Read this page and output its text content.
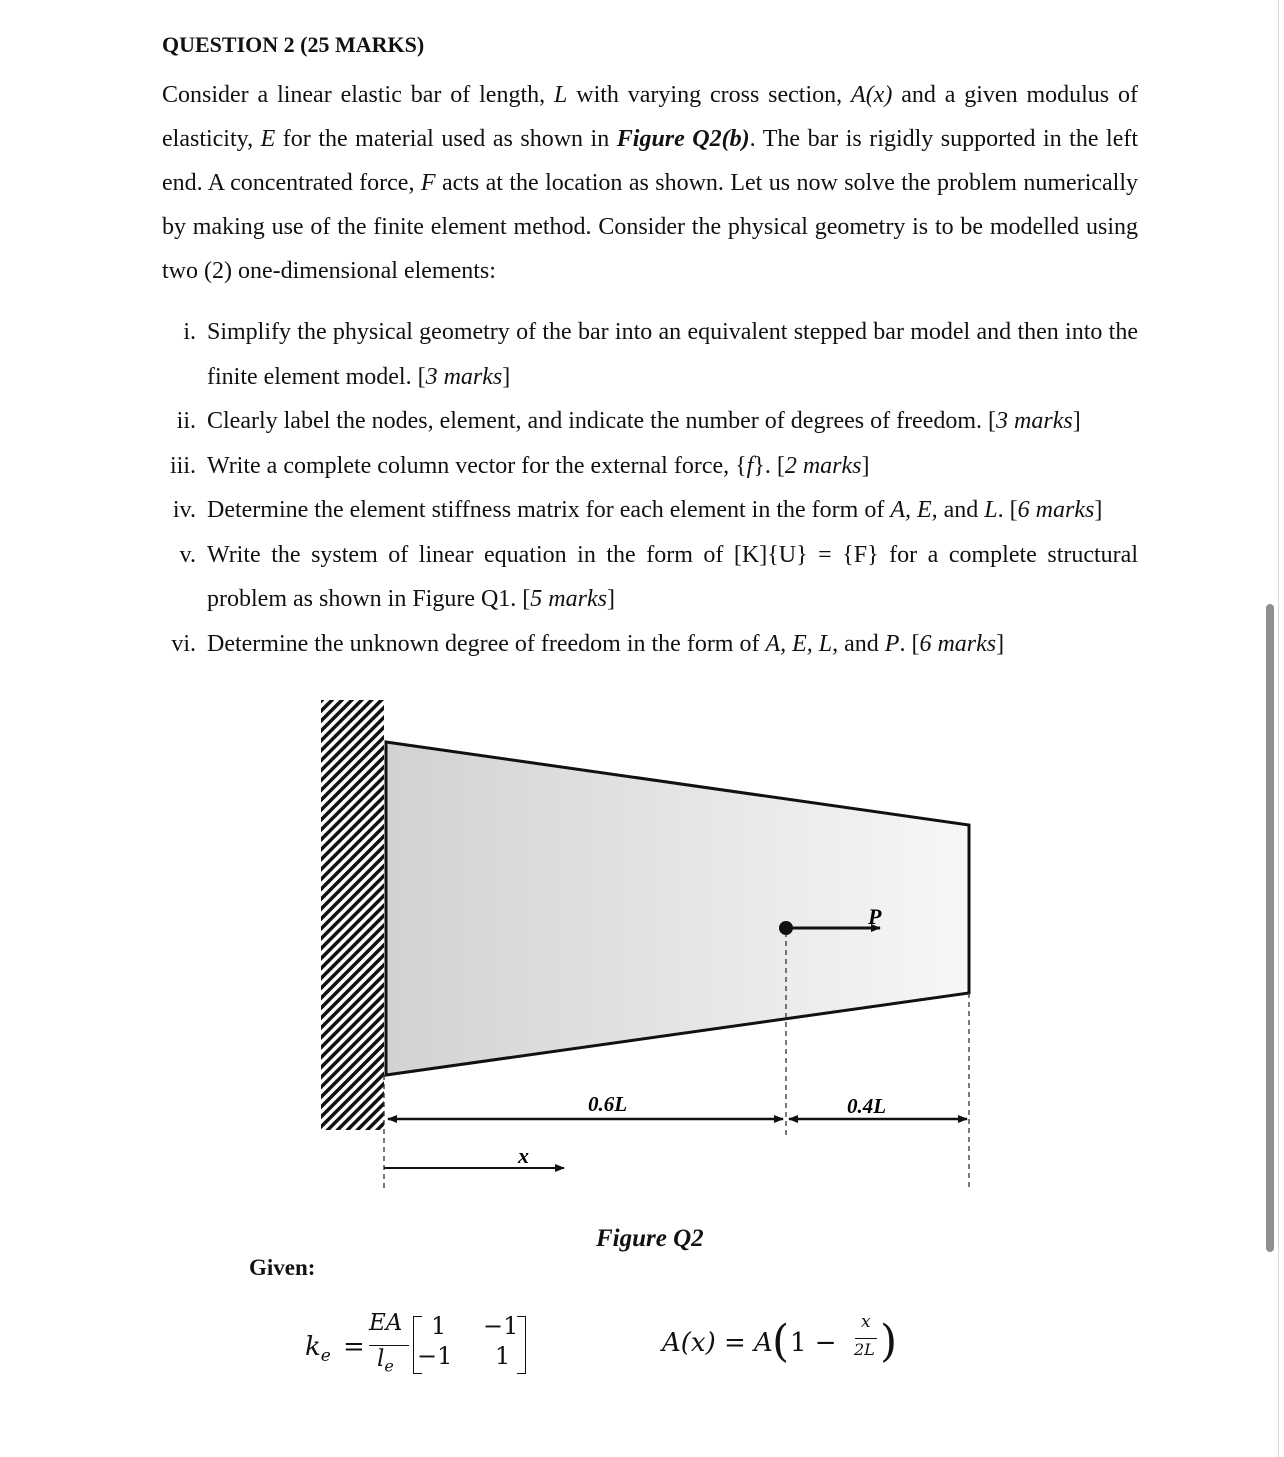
QUESTION 2 (25 MARKS)
Consider a linear elastic bar of length, L with varying cross section, A(x) and a given modulus of elasticity, E for the material used as shown in Figure Q2(b). The bar is rigidly supported in the left end. A concentrated force, F acts at the location as shown. Let us now solve the problem numerically by making use of the finite element method. Consider the physical geometry is to be modelled using two (2) one-dimensional elements:
i. Simplify the physical geometry of the bar into an equivalent stepped bar model and then into the finite element model. [3 marks]
ii. Clearly label the nodes, element, and indicate the number of degrees of freedom. [3 marks]
iii. Write a complete column vector for the external force, {f}. [2 marks]
iv. Determine the element stiffness matrix for each element in the form of A, E, and L. [6 marks]
v. Write the system of linear equation in the form of [K]{U} = {F} for a complete structural problem as shown in Figure Q1. [5 marks]
vi. Determine the unknown degree of freedom in the form of A, E, L, and P. [6 marks]
P
0.6L	0.4L
x
Figure Q2
Given:
$k_e$ =
EA
$l_e$
1 −1
−1 1	A(x) = A ( 1 −
x
2L )
